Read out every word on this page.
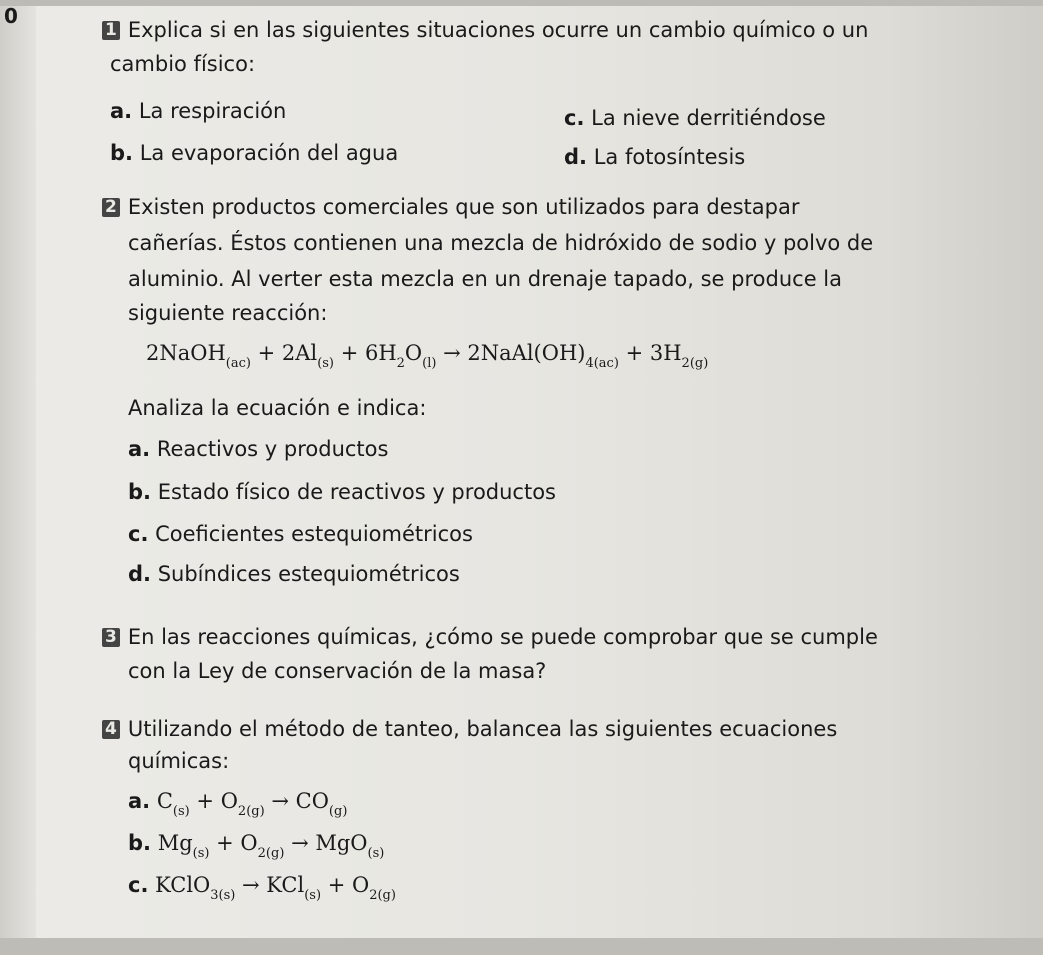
0
1 Explica si en las siguientes situaciones ocurre un cambio químico o un
cambio físico:
a. La respiración
b. La evaporación del agua
c. La nieve derritiéndose
d. La fotosíntesis
2 Existen productos comerciales que son utilizados para destapar
cañerías. Éstos contienen una mezcla de hidróxido de sodio y polvo de
aluminio. Al verter esta mezcla en un drenaje tapado, se produce la
siguiente reacción:
2NaOH$_{(ac)}$ + $2Al_{(s)} + 6H_2O_{(l)}$ → $2NaAl(OH)_{4(ac)} + 3H_{2(g)}$
Analiza la ecuación e indica:
a. Reactivos y productos
b. Estado físico de reactivos y productos
c. Coeficientes estequiométricos
d. Subíndices estequiométricos
3 En las reacciones químicas, ¿cómo se puede comprobar que se cumple
con la Ley de conservación de la masa?
4 Utilizando el método de tanteo, balancea las siguientes ecuaciones
químicas:
a. $C_{(s)} + O_{2(g)} \to CO_{(g)}$
b. $Mg_{(s)} + O_{2(g)} \to MgO_{(s)}$
c. KClO$_{3(s)}$ → $KCl_{(s)} + O_{2(g)}$
